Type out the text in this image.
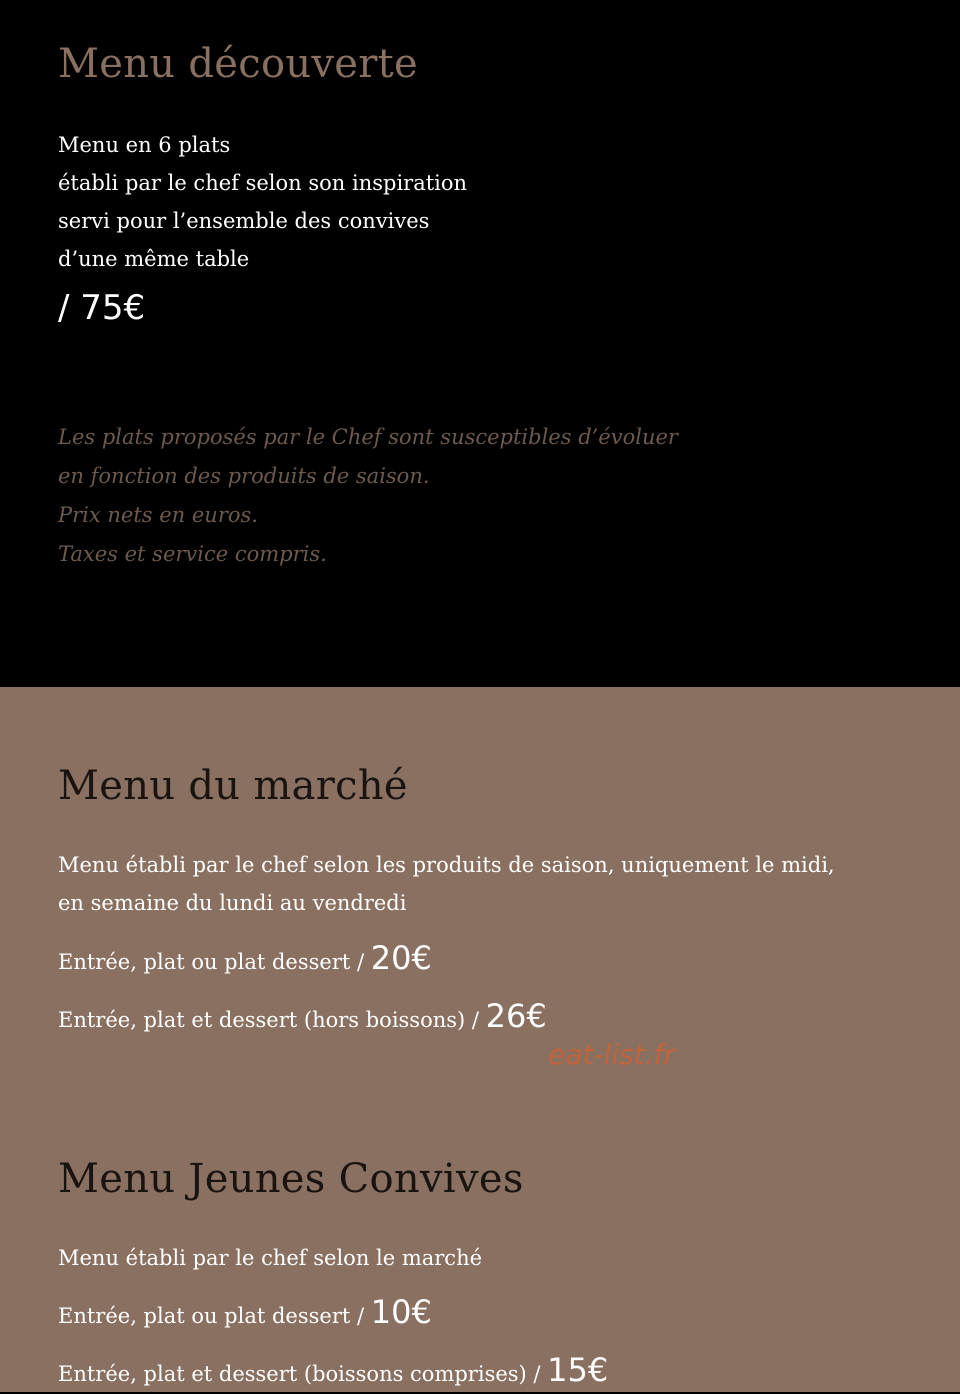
Menu découverte
Menu en 6 plats
établi par le chef selon son inspiration
servi pour l’ensemble des convives
d’une même table
/ 75€
Les plats proposés par le Chef sont susceptibles d’évoluer
en fonction des produits de saison.
Prix nets en euros.
Taxes et service compris.
Menu du marché
Menu établi par le chef selon les produits de saison, uniquement le midi,
en semaine du lundi au vendredi
Entrée, plat ou plat dessert / 20€
Entrée, plat et dessert (hors boissons) / 26€
eat-list.fr
Menu Jeunes Convives
Menu établi par le chef selon le marché
Entrée, plat ou plat dessert / 10€
Entrée, plat et dessert (boissons comprises) / 15€
